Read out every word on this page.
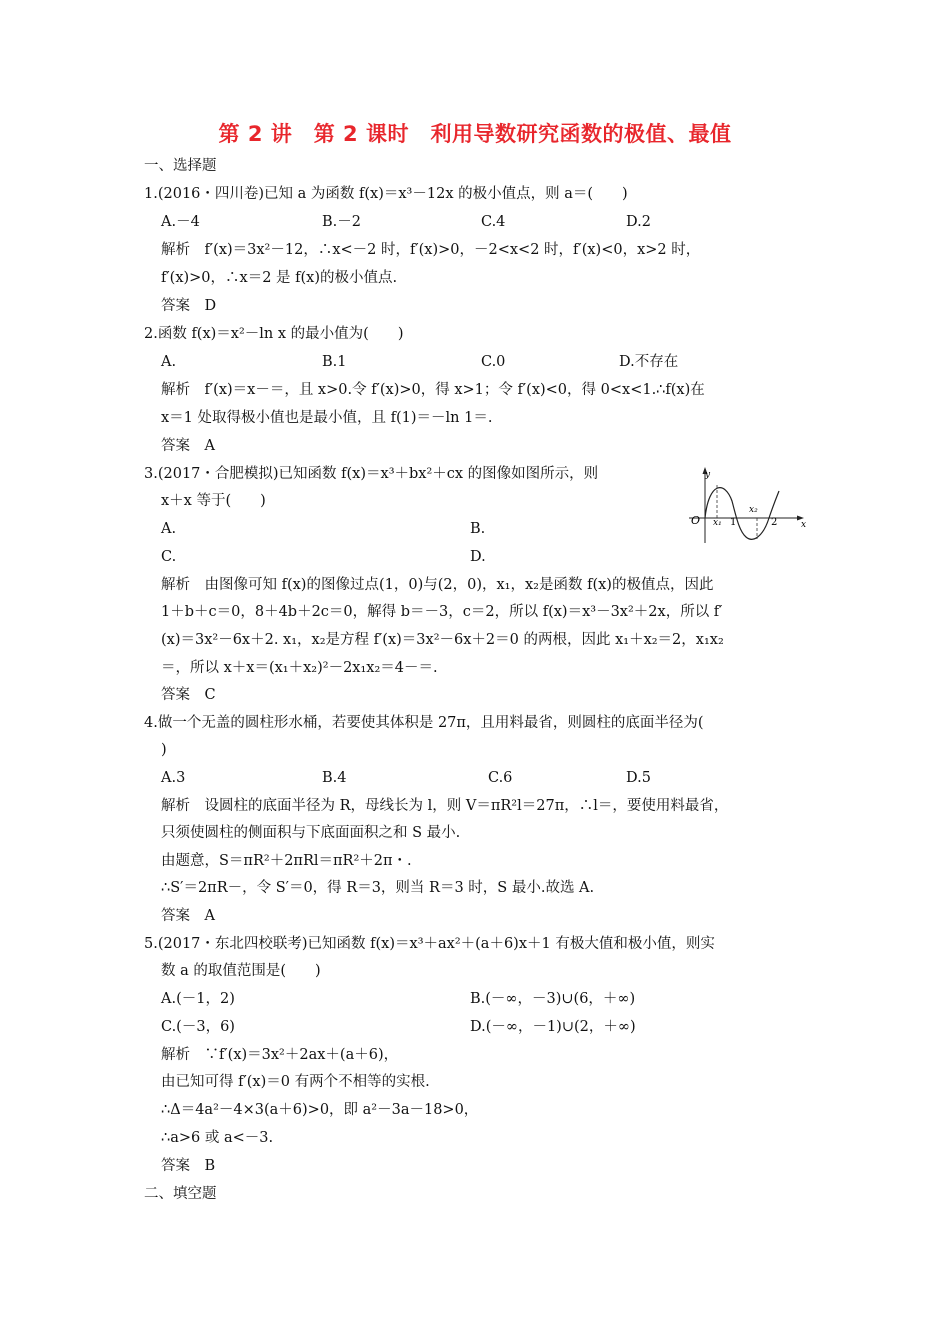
第 2 讲　第 2 课时　利用导数研究函数的极值、最值
一、选择题
1.(2016・四川卷)已知 a 为函数 f(x)＝x³－12x 的极小值点，则 a＝(　　)
A.－4	B.－2	C.4	D.2
解析　f′(x)＝3x²－12，∴x<－2 时，f′(x)>0，－2<x<2 时，f′(x)<0，x>2 时，
f′(x)>0，∴x＝2 是 f(x)的极小值点.
答案　D
2.函数 f(x)＝x²－ln x 的最小值为(　　)
A.	B.1	C.0	D.不存在
解析　f′(x)＝x－＝，且 x>0.令 f′(x)>0，得 x>1；令 f′(x)<0，得 0<x<1.∴f(x)在
x＝1 处取得极小值也是最小值，且 f(1)＝－ln 1＝.
答案　A
3.(2017・合肥模拟)已知函数 f(x)＝x³＋bx²＋cx 的图像如图所示，则
x＋x 等于(　　)
A.	B.
C.	D.
y
x
O x₁ 1
x₂
2
解析　由图像可知 f(x)的图像过点(1，0)与(2，0)，x₁，x₂是函数 f(x)的极值点，因此
1＋b＋c＝0，8＋4b＋2c＝0，解得 b＝－3，c＝2，所以 f(x)＝x³－3x²＋2x，所以 f′
(x)＝3x²－6x＋2. x₁，x₂是方程 f′(x)＝3x²－6x＋2＝0 的两根，因此 x₁＋x₂＝2，x₁x₂
＝，所以 x＋x＝(x₁＋x₂)²－2x₁x₂＝4－＝.
答案　C
4.做一个无盖的圆柱形水桶，若要使其体积是 27π，且用料最省，则圆柱的底面半径为(
)
A.3	B.4	C.6	D.5
解析　设圆柱的底面半径为 R，母线长为 l，则 V＝πR²l＝27π，∴l＝，要使用料最省，
只须使圆柱的侧面积与下底面面积之和 S 最小.
由题意，S＝πR²＋2πRl＝πR²＋2π・.
∴S′＝2πR－，令 S′＝0，得 R＝3，则当 R＝3 时，S 最小.故选 A.
答案　A
5.(2017・东北四校联考)已知函数 f(x)＝x³＋ax²＋(a＋6)x＋1 有极大值和极小值，则实
数 a 的取值范围是(　　)
A.(－1，2)	B.(－∞，－3)∪(6，＋∞)
C.(－3，6)	D.(－∞，－1)∪(2，＋∞)
解析　∵f′(x)＝3x²＋2ax＋(a＋6)，
由已知可得 f′(x)＝0 有两个不相等的实根.
∴Δ＝4a²－4×3(a＋6)>0，即 a²－3a－18>0，
∴a>6 或 a<－3.
答案　B
二、填空题
